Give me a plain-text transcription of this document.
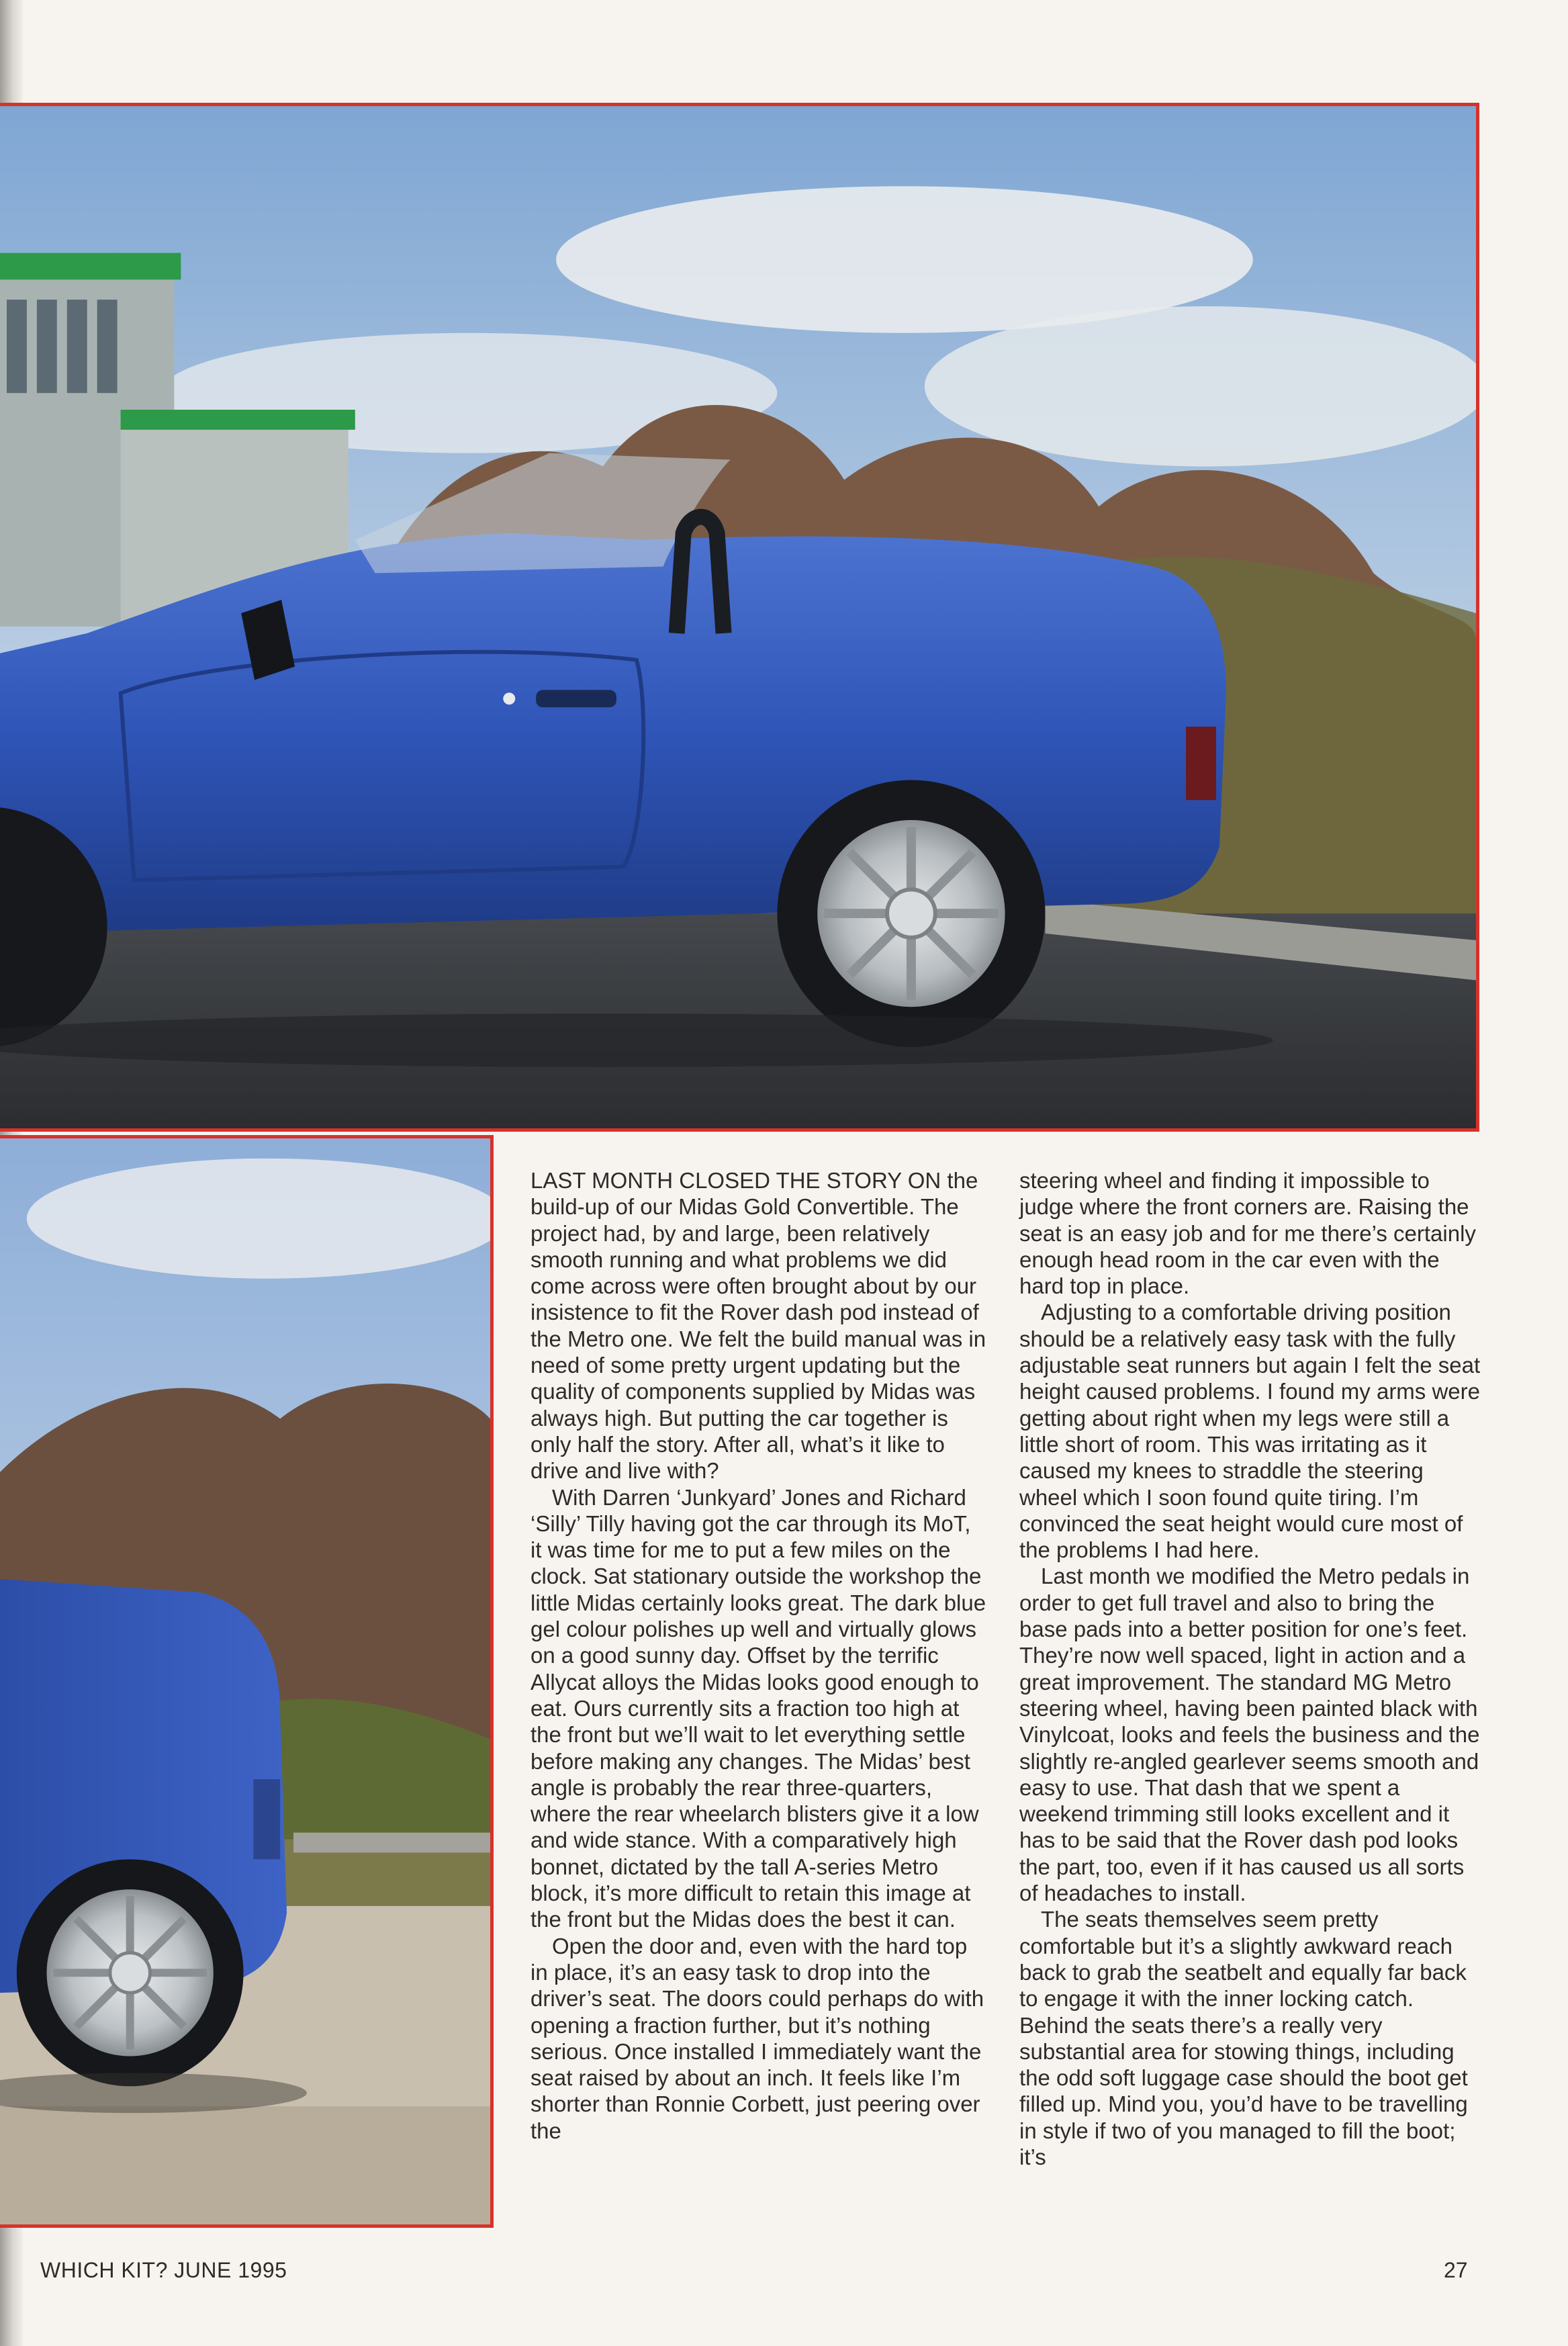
LAST MONTH CLOSED THE STORY ON the build-up of our Midas Gold Convertible. The project had, by and large, been relatively smooth running and what problems we did come across were often brought about by our insistence to fit the Rover dash pod instead of the Metro one. We felt the build manual was in need of some pretty urgent updating but the quality of components supplied by Midas was always high. But putting the car together is only half the story. After all, what’s it like to drive and live with?

With Darren ‘Junkyard’ Jones and Richard ‘Silly’ Tilly having got the car through its MoT, it was time for me to put a few miles on the clock. Sat stationary outside the workshop the little Midas certainly looks great. The dark blue gel colour polishes up well and virtually glows on a good sunny day. Offset by the terrific Allycat alloys the Midas looks good enough to eat. Ours currently sits a fraction too high at the front but we’ll wait to let everything settle before making any changes. The Midas’ best angle is probably the rear three-quarters, where the rear wheelarch blisters give it a low and wide stance. With a comparatively high bonnet, dictated by the tall A-series Metro block, it’s more difficult to retain this image at the front but the Midas does the best it can.

Open the door and, even with the hard top in place, it’s an easy task to drop into the driver’s seat. The doors could perhaps do with opening a fraction further, but it’s nothing serious. Once installed I immediately want the seat raised by about an inch. It feels like I’m shorter than Ronnie Corbett, just peering over the

steering wheel and finding it impossible to judge where the front corners are. Raising the seat is an easy job and for me there’s certainly enough head room in the car even with the hard top in place.

Adjusting to a comfortable driving position should be a relatively easy task with the fully adjustable seat runners but again I felt the seat height caused problems. I found my arms were getting about right when my legs were still a little short of room. This was irritating as it caused my knees to straddle the steering wheel which I soon found quite tiring. I’m convinced the seat height would cure most of the problems I had here.

Last month we modified the Metro pedals in order to get full travel and also to bring the base pads into a better position for one’s feet. They’re now well spaced, light in action and a great improvement. The standard MG Metro steering wheel, having been painted black with Vinylcoat, looks and feels the business and the slightly re-angled gearlever seems smooth and easy to use. That dash that we spent a weekend trimming still looks excellent and it has to be said that the Rover dash pod looks the part, too, even if it has caused us all sorts of headaches to install.

The seats themselves seem pretty comfortable but it’s a slightly awkward reach back to grab the seatbelt and equally far back to engage it with the inner locking catch. Behind the seats there’s a really very substantial area for stowing things, including the odd soft luggage case should the boot get filled up. Mind you, you’d have to be travelling in style if two of you managed to fill the boot; it’s

WHICH KIT? JUNE 1995	27
